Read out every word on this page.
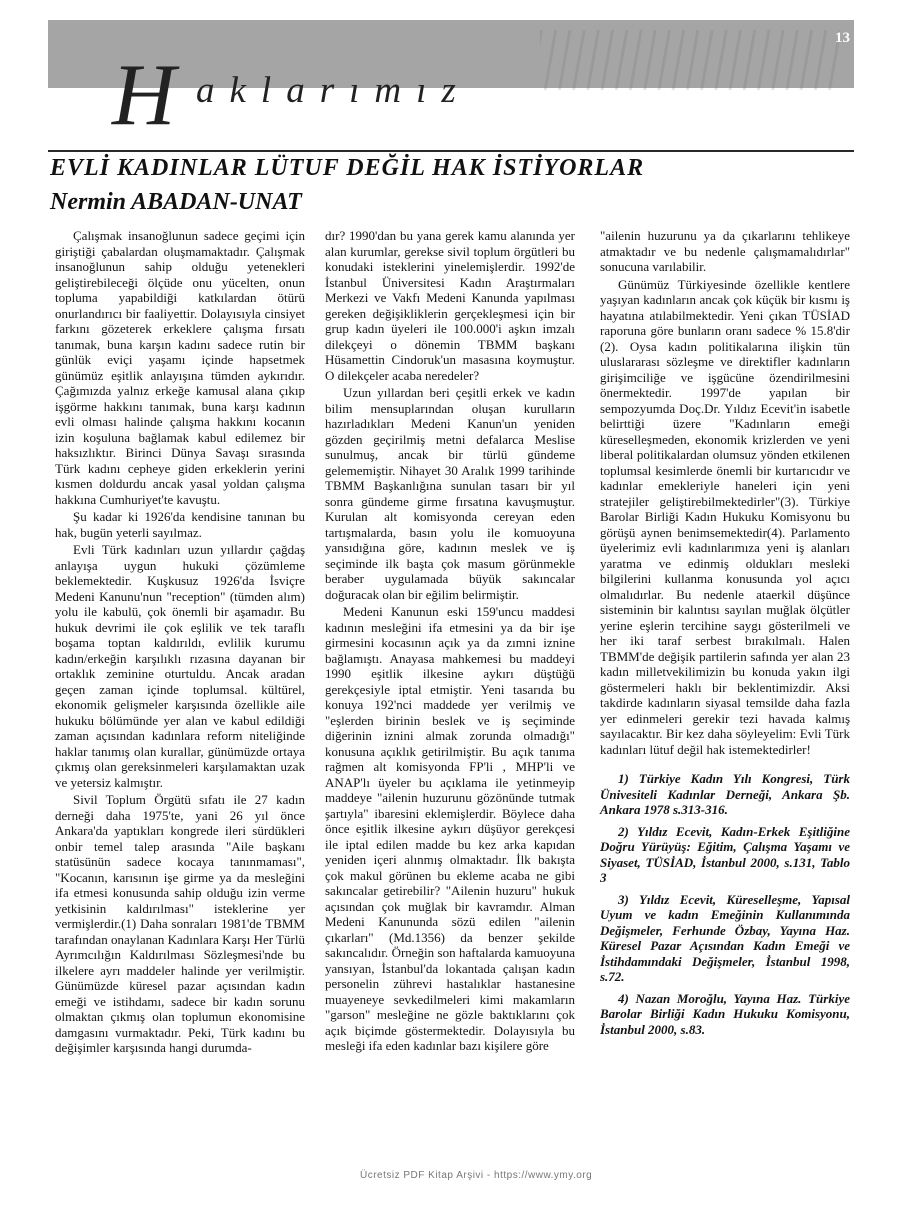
13
H aklarımız
EVLİ KADINLAR LÜTUF DEĞİL HAK İSTİYORLAR
Nermin ABADAN-UNAT

Çalışmak insanoğlunun sadece geçimi için giriştiği çabalardan oluşmamaktadır. Çalışmak insanoğlunun sahip olduğu yetenekleri geliştirebileceği ölçüde onu yücelten, onun topluma yapabildiği katkılardan ötürü onurlandırıcı bir faaliyettir. Dolayısıyla cinsiyet farkını gözeterek erkeklere çalışma fırsatı tanımak, buna karşın kadını sadece rutin bir günlük eviçi yaşamı içinde hapsetmek günümüz eşitlik anlayışına tümden aykırıdır. Çağımızda yalnız erkeğe kamusal alana çıkıp işgörme hakkını tanımak, buna karşı kadının evli olması halinde çalışma hakkını kocanın izin koşuluna bağlamak kabul edilemez bir haksızlıktır. Birinci Dünya Savaşı sırasında Türk kadını cepheye giden erkeklerin yerini kısmen doldurdu ancak yasal yoldan çalışma hakkına Cumhuriyet'te kavuştu.

Şu kadar ki 1926'da kendisine tanınan bu hak, bugün yeterli sayılmaz.

Evli Türk kadınları uzun yıllardır çağdaş anlayışa uygun hukuki çözümleme beklemektedir. Kuşkusuz 1926'da İsviçre Medeni Kanunu'nun "reception" (tümden alım) yolu ile kabulü, çok önemli bir aşamadır. Bu hukuk devrimi ile çok eşlilik ve tek taraflı boşama toptan kaldırıldı, evlilik kurumu kadın/erkeğin karşılıklı rızasına dayanan bir ortaklık zeminine oturtuldu. Ancak aradan geçen zaman içinde toplumsal. kültürel, ekonomik gelişmeler karşısında özellikle aile hukuku bölümünde yer alan ve kabul edildiği zaman açısından kadınlara reform niteliğinde haklar tanımış olan kurallar, günümüzde ortaya çıkmış olan gereksinmeleri karşılamaktan uzak ve yetersiz kalmıştır.

Sivil Toplum Örgütü sıfatı ile 27 kadın derneği daha 1975'te, yani 26 yıl önce Ankara'da yaptıkları kongrede ileri sürdükleri onbir temel talep arasında "Aile başkanı statüsünün sadece kocaya tanınmaması", "Kocanın, karısının işe girme ya da mesleğini ifa etmesi konusunda sahip olduğu izin verme yetkisinin kaldırılması" isteklerine yer vermişlerdir.(1) Daha sonraları 1981'de TBMM tarafından onaylanan Kadınlara Karşı Her Türlü Ayrımcılığın Kaldırılması Sözleşmesi'nde bu ilkelere ayrı maddeler halinde yer verilmiştir. Günümüzde küresel pazar açısından kadın emeği ve istihdamı, sadece bir kadın sorunu olmaktan çıkmış olan toplumun ekonomisine damgasını vurmaktadır. Peki, Türk kadını bu değişimler karşısında hangi durumda-

dır? 1990'dan bu yana gerek kamu alanında yer alan kurumlar, gerekse sivil toplum örgütleri bu konudaki isteklerini yinelemişlerdir. 1992'de İstanbul Üniversitesi Kadın Araştırmaları Merkezi ve Vakfı Medeni Kanunda yapılması gereken değişikliklerin gerçekleşmesi için bir grup kadın üyeleri ile 100.000'i aşkın imzalı dilekçeyi o dönemin TBMM başkanı Hüsamettin Cindoruk'un masasına koymuştur. O dilekçeler acaba neredeler?

Uzun yıllardan beri çeşitli erkek ve kadın bilim mensuplarından oluşan kurulların hazırladıkları Medeni Kanun'un yeniden gözden geçirilmiş metni defalarca Meslise sunulmuş, ancak bir türlü gündeme gelememiştir. Nihayet 30 Aralık 1999 tarihinde TBMM Başkanlığına sunulan tasarı bir yıl sonra gündeme girme fırsatına kavuşmuştur. Kurulan alt komisyonda cereyan eden tartışmalarda, basın yolu ile komuoyuna yansıdığına göre, kadının meslek ve iş seçiminde ilk başta çok masum görünmekle beraber uygulamada büyük sakıncalar doğuracak olan bir eğilim belirmiştir.

Medeni Kanunun eski 159'uncu maddesi kadının mesleğini ifa etmesini ya da bir işe girmesini kocasının açık ya da zımni iznine bağlamıştı. Anayasa mahkemesi bu maddeyi 1990 eşitlik ilkesine aykırı düştüğü gerekçesiyle iptal etmiştir. Yeni tasarıda bu konuya 192'nci maddede yer verilmiş ve "eşlerden birinin beslek ve iş seçiminde diğerinin iznini almak zorunda olmadığı" konusuna açıklık getirilmiştir. Bu açık tanıma rağmen alt komisyonda FP'li , MHP'li ve ANAP'lı üyeler bu açıklama ile yetinmeyip maddeye "ailenin huzurunu gözönünde tutmak şartıyla" ibaresini eklemişlerdir. Böylece daha önce eşitlik ilkesine aykırı düşüyor gerekçesi ile iptal edilen madde bu kez arka kapıdan yeniden içeri alınmış olmaktadır. İlk bakışta çok makul görünen bu ekleme acaba ne gibi sakıncalar getirebilir? "Ailenin huzuru" hukuk açısından çok muğlak bir kavramdır. Alman Medeni Kanununda sözü edilen "ailenin çıkarları" (Md.1356) da benzer şekilde sakıncalıdır. Örneğin son haftalarda kamuoyuna yansıyan, İstanbul'da lokantada çalışan kadın personelin zührevi hastalıklar hastanesine muayeneye sevkedilmeleri kimi makamların "garson" mesleğine ne gözle baktıklarını çok açık biçimde göstermektedir. Dolayısıyla bu mesleği ifa eden kadınlar bazı kişilere göre

"ailenin huzurunu ya da çıkarlarını tehlikeye atmaktadır ve bu nedenle çalışmamalıdırlar" sonucuna varılabilir.

Günümüz Türkiyesinde özellikle kentlere yaşıyan kadınların ancak çok küçük bir kısmı iş hayatına atılabilmektedir. Yeni çıkan TÜSİAD raporuna göre bunların oranı sadece % 15.8'dir (2). Oysa kadın politikalarına ilişkin tün uluslararası sözleşme ve direktifler kadınların girişimciliğe ve işgücüne özendirilmesini önermektedir. 1997'de yapılan bir sempozyumda Doç.Dr. Yıldız Ecevit'in isabetle belirttiği üzere "Kadınların emeği küreselleşmeden, ekonomik krizlerden ve yeni liberal politikalardan olumsuz yönden etkilenen toplumsal kesimlerde önemli bir kurtarıcıdır ve kadınlar emekleriyle haneleri için yeni stratejiler geliştirebilmektedirler"(3). Türkiye Barolar Birliği Kadın Hukuku Komisyonu bu görüşü aynen benimsemektedir(4). Parlamento üyelerimiz evli kadınlarımıza yeni iş alanları yaratma ve edinmiş oldukları mesleki bilgilerini kullanma konusunda yol açıcı olmalıdırlar. Bu nedenle ataerkil düşünce sisteminin bir kalıntısı sayılan muğlak ölçütler yerine eşlerin tercihine saygı gösterilmeli ve her iki taraf serbest bırakılmalı. Halen TBMM'de değişik partilerin safında yer alan 23 kadın milletvekilimizin bu konuda yakın ilgi göstermeleri haklı bir beklentimizdir. Aksi takdirde kadınların siyasal temsilde daha fazla yer edinmeleri gerekir tezi havada kalmış sayılacaktır. Bir kez daha söyleyelim: Evli Türk kadınları lütuf değil hak istemektedirler!

1) Türkiye Kadın Yılı Kongresi, Türk Ünivesiteli Kadınlar Derneği, Ankara Şb. Ankara 1978 s.313-316.

2) Yıldız Ecevit, Kadın-Erkek Eşitliğine Doğru Yürüyüş: Eğitim, Çalışma Yaşamı ve Siyaset, TÜSİAD, İstanbul 2000, s.131, Tablo 3

3) Yıldız Ecevit, Küreselleşme, Yapısal Uyum ve kadın Emeğinin Kullanımında Değişmeler, Ferhunde Özbay, Yayına Haz. Küresel Pazar Açısından Kadın Emeği ve İstihdamındaki Değişmeler, İstanbul 1998, s.72.

4) Nazan Moroğlu, Yayına Haz. Türkiye Barolar Birliği Kadın Hukuku Komisyonu, İstanbul 2000, s.83.

Ücretsiz PDF Kitap Arşivi - https://www.ymy.org
